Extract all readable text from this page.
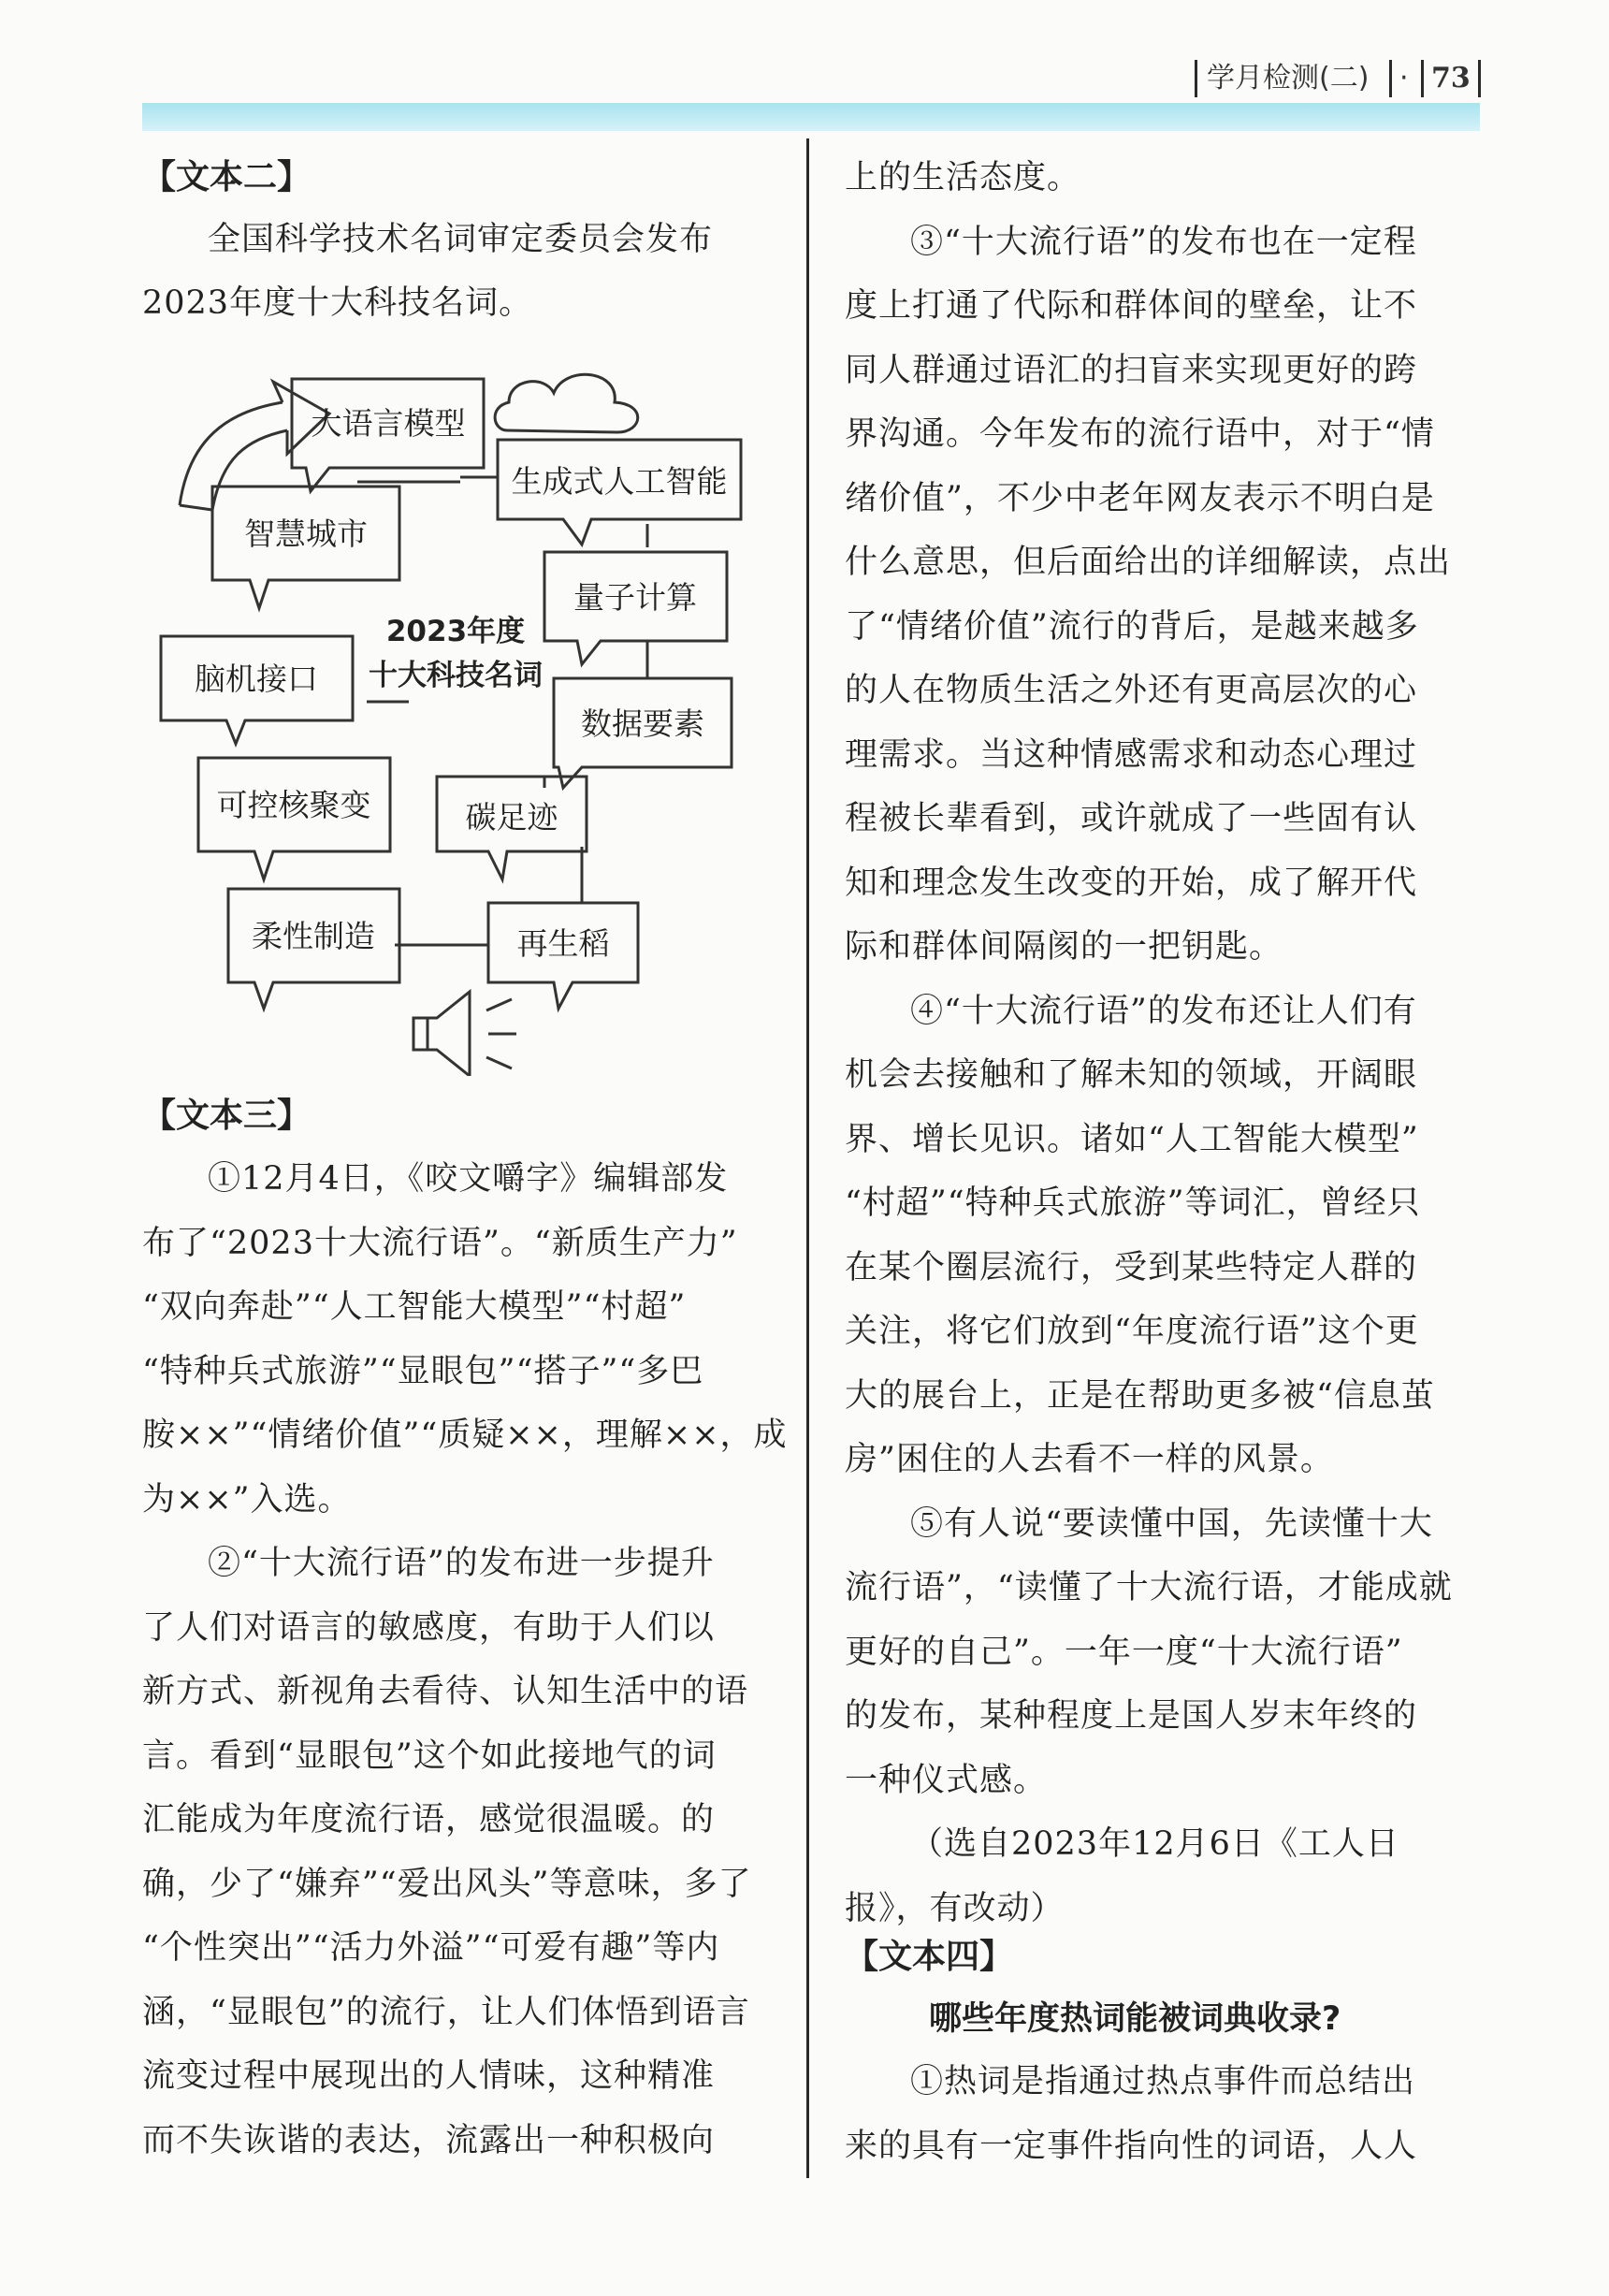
学月检测(二) · 73
【文本二】
全国科学技术名词审定委员会发布
2023年度十大科技名词。
大语言模型
生成式人工智能
智慧城市
量子计算
脑机接口
数据要素
可控核聚变	碳足迹
柔性制造	再生稻
2023年度
十大科技名词
【文本三】
①12月4日，《咬文嚼字》编辑部发
布了“2023十大流行语”。“新质生产力”
“双向奔赴”“人工智能大模型”“村超”
“特种兵式旅游”“显眼包”“搭子”“多巴
胺××”“情绪价值”“质疑××，理解××，成
为××”入选。
②“十大流行语”的发布进一步提升
了人们对语言的敏感度，有助于人们以
新方式、新视角去看待、认知生活中的语
言。看到“显眼包”这个如此接地气的词
汇能成为年度流行语，感觉很温暖。的
确，少了“嫌弃”“爱出风头”等意味，多了
“个性突出”“活力外溢”“可爱有趣”等内
涵，“显眼包”的流行，让人们体悟到语言
流变过程中展现出的人情味，这种精准
而不失诙谐的表达，流露出一种积极向
上的生活态度。
③“十大流行语”的发布也在一定程
度上打通了代际和群体间的壁垒，让不
同人群通过语汇的扫盲来实现更好的跨
界沟通。今年发布的流行语中，对于“情
绪价值”，不少中老年网友表示不明白是
什么意思，但后面给出的详细解读，点出
了“情绪价值”流行的背后，是越来越多
的人在物质生活之外还有更高层次的心
理需求。当这种情感需求和动态心理过
程被长辈看到，或许就成了一些固有认
知和理念发生改变的开始，成了解开代
际和群体间隔阂的一把钥匙。
④“十大流行语”的发布还让人们有
机会去接触和了解未知的领域，开阔眼
界、增长见识。诸如“人工智能大模型”
“村超”“特种兵式旅游”等词汇，曾经只
在某个圈层流行，受到某些特定人群的
关注，将它们放到“年度流行语”这个更
大的展台上，正是在帮助更多被“信息茧
房”困住的人去看不一样的风景。
⑤有人说“要读懂中国，先读懂十大
流行语”，“读懂了十大流行语，才能成就
更好的自己”。一年一度“十大流行语”
的发布，某种程度上是国人岁末年终的
一种仪式感。
（选自2023年12月6日《工人日
报》，有改动）
【文本四】
哪些年度热词能被词典收录?
①热词是指通过热点事件而总结出
来的具有一定事件指向性的词语，人人
